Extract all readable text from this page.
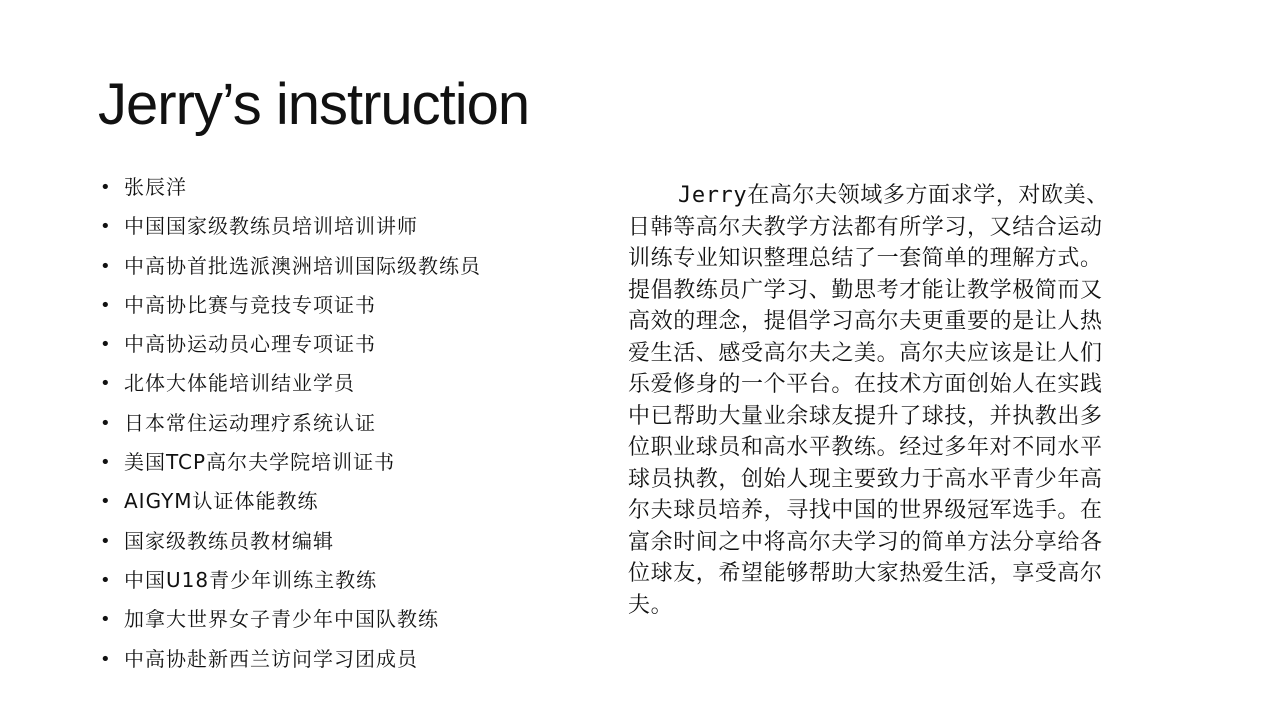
Jerry’s instruction
• 张辰洋
• 中国国家级教练员培训培训讲师
• 中高协首批选派澳洲培训国际级教练员
• 中高协比赛与竞技专项证书
• 中高协运动员心理专项证书
• 北体大体能培训结业学员
• 日本常住运动理疗系统认证
• 美国TCP高尔夫学院培训证书
• AIGYM认证体能教练
• 国家级教练员教材编辑
• 中国U18青少年训练主教练
• 加拿大世界女子青少年中国队教练
• 中高协赴新西兰访问学习团成员

Jerry在高尔夫领域多方面求学，对欧美、日韩等高尔夫教学方法都有所学习，又结合运动训练专业知识整理总结了一套简单的理解方式。提倡教练员广学习、勤思考才能让教学极简而又高效的理念，提倡学习高尔夫更重要的是让人热爱生活、感受高尔夫之美。高尔夫应该是让人们乐爱修身的一个平台。在技术方面创始人在实践中已帮助大量业余球友提升了球技，并执教出多位职业球员和高水平教练。经过多年对不同水平球员执教，创始人现主要致力于高水平青少年高尔夫球员培养，寻找中国的世界级冠军选手。在富余时间之中将高尔夫学习的简单方法分享给各位球友，希望能够帮助大家热爱生活，享受高尔夫。
